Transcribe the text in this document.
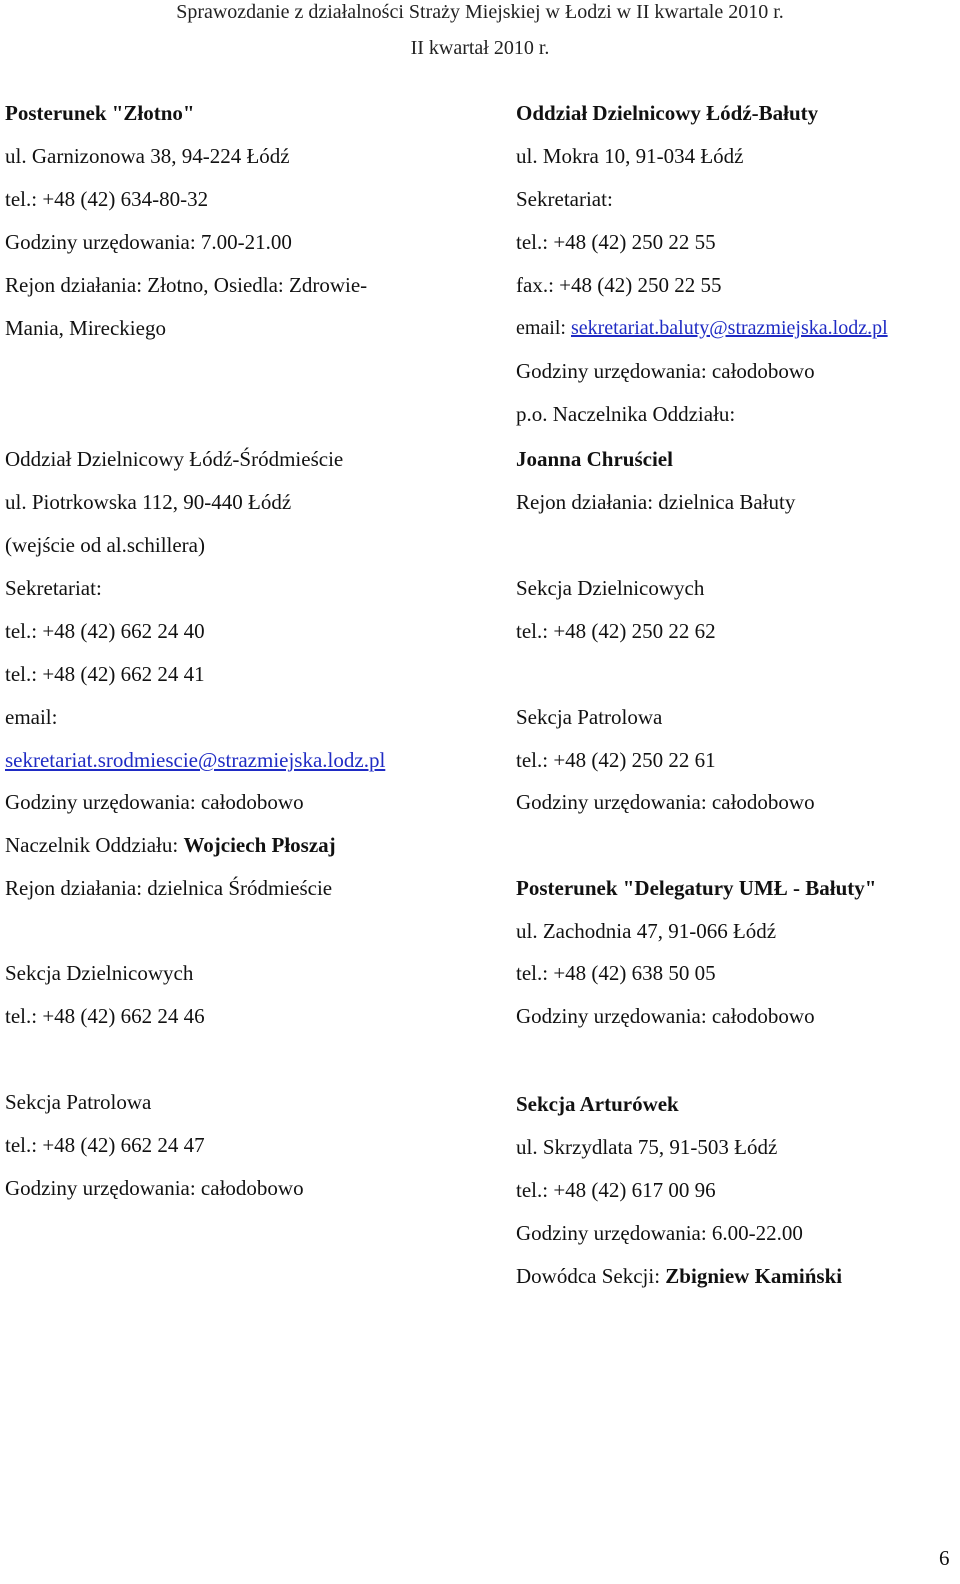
Sprawozdanie z działalności Straży Miejskiej w Łodzi w II kwartale 2010 r.
II kwartał 2010 r.
Posterunek "Złotno"
ul. Garnizonowa 38, 94-224 Łódź
tel.: +48 (42) 634-80-32
Godziny urzędowania: 7.00-21.00
Rejon działania: Złotno, Osiedla: Zdrowie-
Mania, Mireckiego
Oddział Dzielnicowy Łódź-Śródmieście
ul. Piotrkowska 112, 90-440 Łódź
(wejście od al.schillera)
Sekretariat:
tel.: +48 (42) 662 24 40
tel.: +48 (42) 662 24 41
email:
sekretariat.srodmiescie@strazmiejska.lodz.pl
Godziny urzędowania: całodobowo
Naczelnik Oddziału: Wojciech Płoszaj
Rejon działania: dzielnica Śródmieście
Sekcja Dzielnicowych
tel.: +48 (42) 662 24 46
Sekcja Patrolowa
tel.: +48 (42) 662 24 47
Godziny urzędowania: całodobowo
Oddział Dzielnicowy Łódź-Bałuty
ul. Mokra 10, 91-034 Łódź
Sekretariat:
tel.: +48 (42) 250 22 55
fax.: +48 (42) 250 22 55
email: sekretariat.baluty@strazmiejska.lodz.pl
Godziny urzędowania: całodobowo
p.o. Naczelnika Oddziału:
Joanna Chruściel
Rejon działania: dzielnica Bałuty
Sekcja Dzielnicowych
tel.: +48 (42) 250 22 62
Sekcja Patrolowa
tel.: +48 (42) 250 22 61
Godziny urzędowania: całodobowo
Posterunek "Delegatury UMŁ - Bałuty"
ul. Zachodnia 47, 91-066 Łódź
tel.: +48 (42) 638 50 05
Godziny urzędowania: całodobowo
Sekcja Arturówek
ul. Skrzydlata 75, 91-503 Łódź
tel.: +48 (42) 617 00 96
Godziny urzędowania: 6.00-22.00
Dowódca Sekcji: Zbigniew Kamiński
6
